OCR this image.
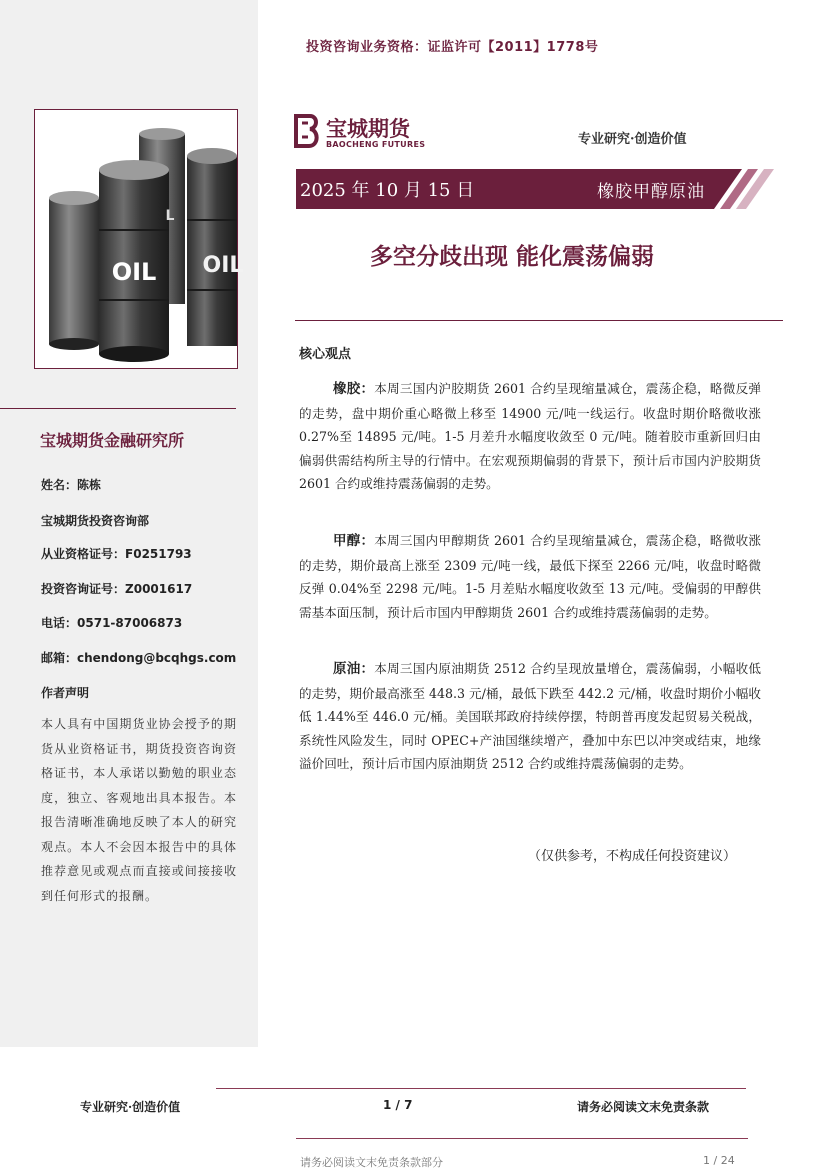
OIL OIL
L
宝城期货金融研究所
姓名：陈栋
宝城期货投资咨询部
从业资格证号：F0251793
投资咨询证号：Z0001617
电话：0571-87006873
邮箱：chendong@bcqhgs.com
作者声明
本人具有中国期货业协会授予的期货从业资格证书，期货投资咨询资格证书，本人承诺以勤勉的职业态度，独立、客观地出具本报告。本报告清晰准确地反映了本人的研究观点。本人不会因本报告中的具体推荐意见或观点而直接或间接接收到任何形式的报酬。
投资咨询业务资格：证监许可【2011】1778号
宝城期货
BAOCHENG FUTURES	专业研究·创造价值
2025 年 10 月 15 日	橡胶甲醇原油
多空分歧出现 能化震荡偏弱
核心观点
橡胶：本周三国内沪胶期货 2601 合约呈现缩量减仓，震荡企稳，略微反弹的走势，盘中期价重心略微上移至 14900 元/吨一线运行。收盘时期价略微收涨 0.27%至 14895 元/吨。1-5 月差升水幅度收敛至 0 元/吨。随着胶市重新回归由偏弱供需结构所主导的行情中。在宏观预期偏弱的背景下，预计后市国内沪胶期货 2601 合约或维持震荡偏弱的走势。
甲醇：本周三国内甲醇期货 2601 合约呈现缩量减仓，震荡企稳，略微收涨的走势，期价最高上涨至 2309 元/吨一线，最低下探至 2266 元/吨，收盘时略微反弹 0.04%至 2298 元/吨。1-5 月差贴水幅度收敛至 13 元/吨。受偏弱的甲醇供需基本面压制，预计后市国内甲醇期货 2601 合约或维持震荡偏弱的走势。
原油：本周三国内原油期货 2512 合约呈现放量增仓，震荡偏弱，小幅收低的走势，期价最高涨至 448.3 元/桶，最低下跌至 442.2 元/桶，收盘时期价小幅收低 1.44%至 446.0 元/桶。美国联邦政府持续停摆，特朗普再度发起贸易关税战，系统性风险发生，同时 OPEC+产油国继续增产，叠加中东巴以冲突或结束，地缘溢价回吐，预计后市国内原油期货 2512 合约或维持震荡偏弱的走势。
（仅供参考，不构成任何投资建议）
专业研究·创造价值	1 / 7	请务必阅读文末免责条款
请务必阅读文末免责条款部分	1 / 24
